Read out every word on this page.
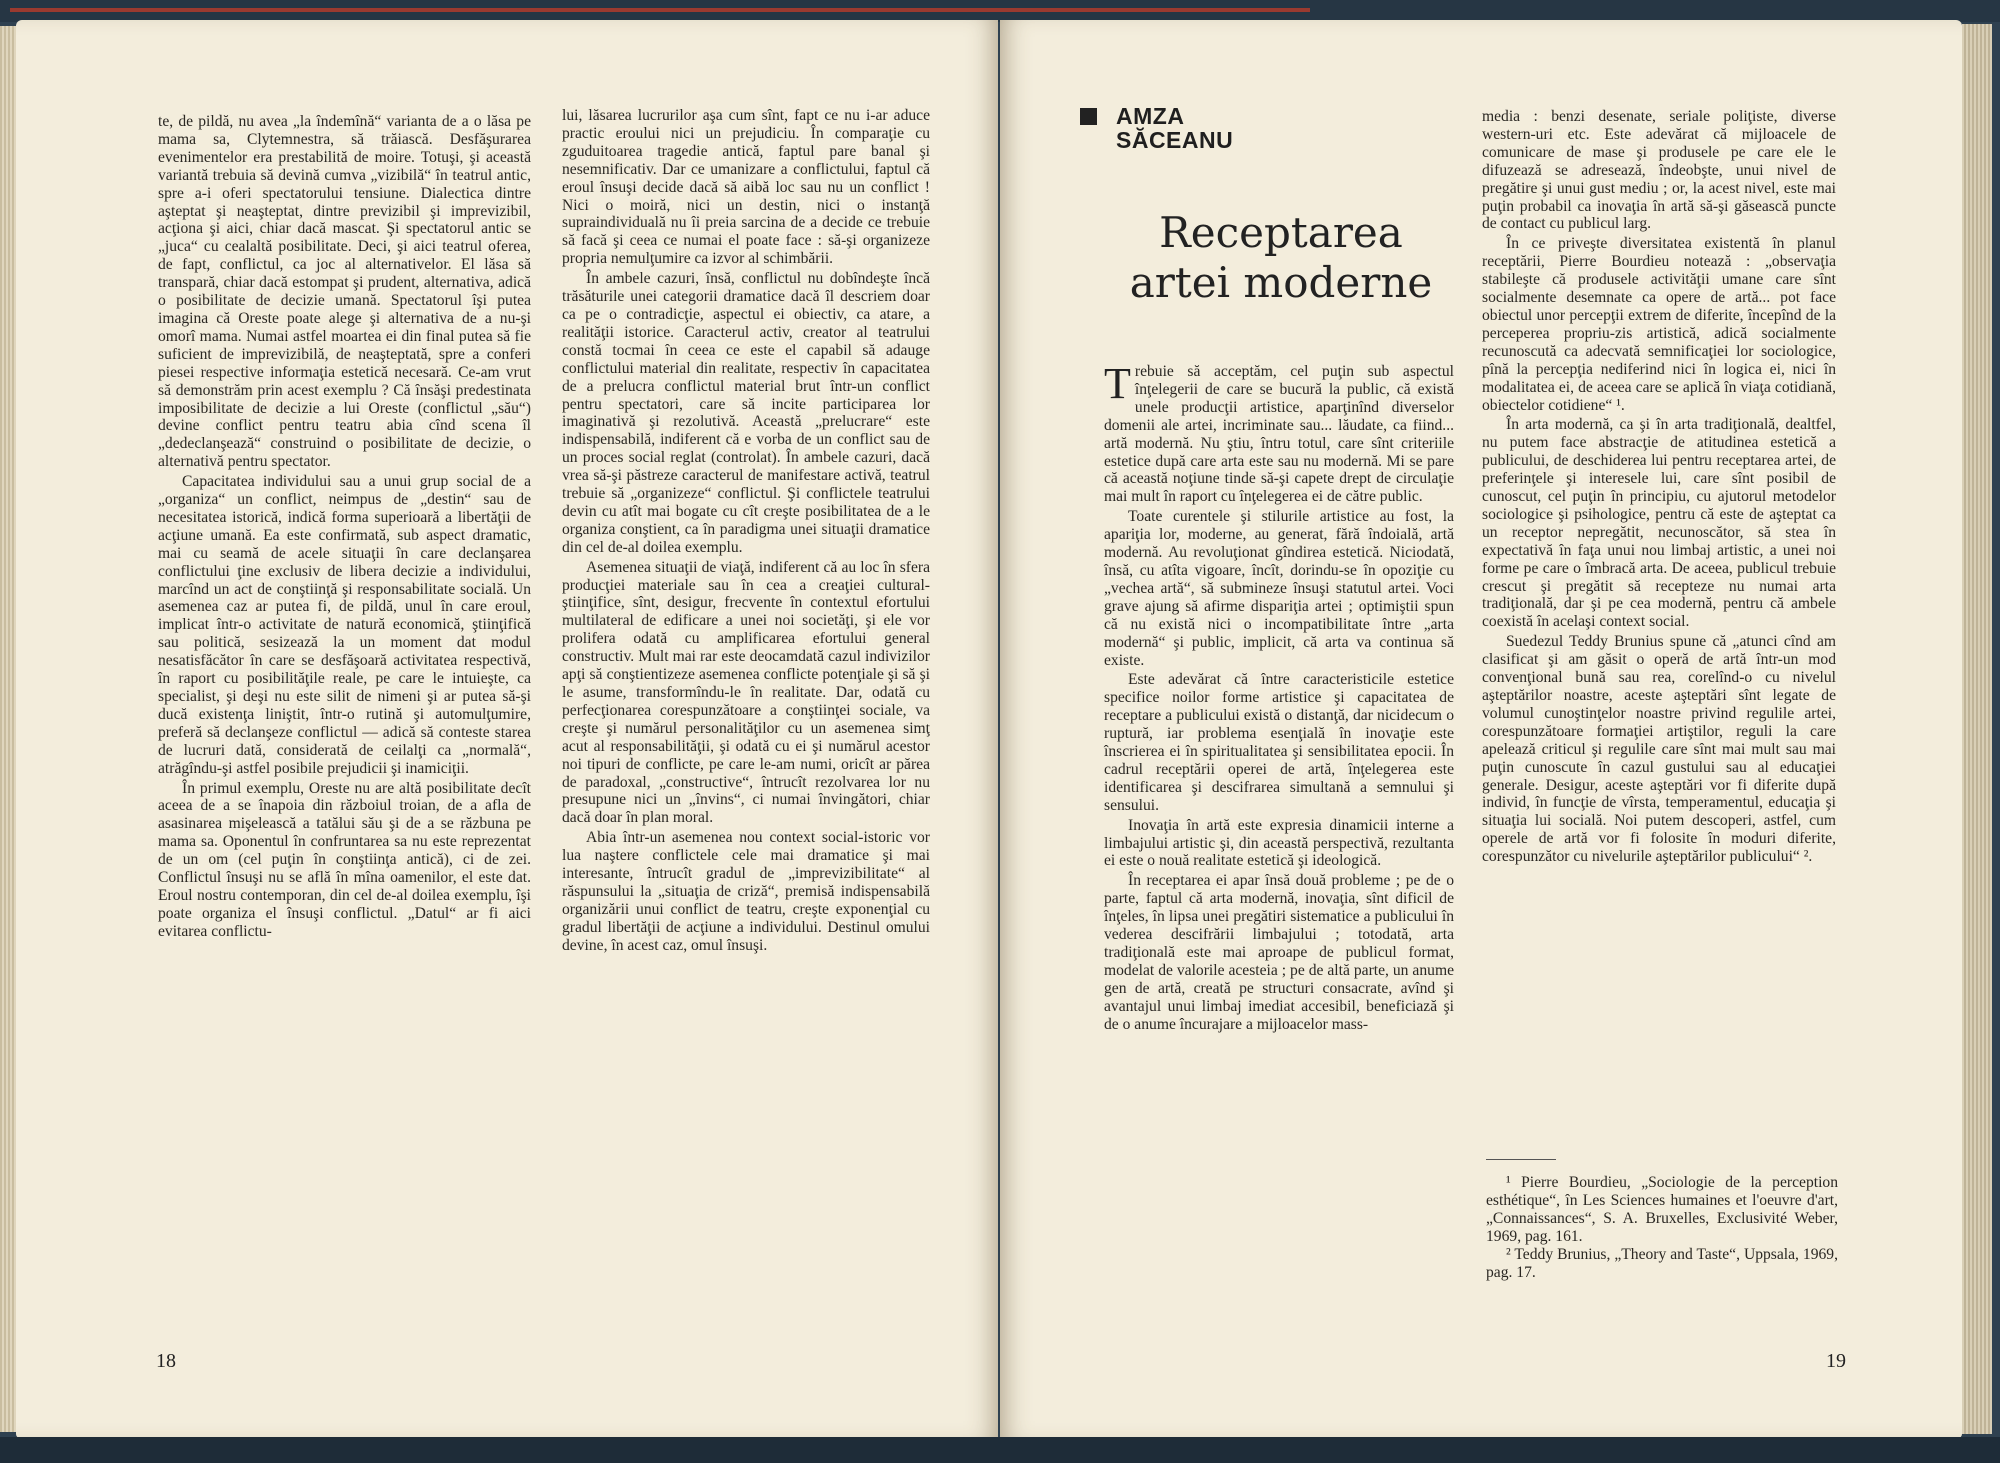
te, de pildă, nu avea „la îndemînă“ varianta de a o lăsa pe mama sa, Clytemnestra, să trăiască. Desfăşurarea evenimentelor era prestabilită de moire. Totuşi, şi această variantă trebuia să devină cumva „vizibilă“ în teatrul antic, spre a-i oferi spectatorului tensiune. Dialectica dintre aşteptat şi neaşteptat, dintre previzibil şi imprevizibil, acţiona şi aici, chiar dacă mascat. Şi spectatorul antic se „juca“ cu cealaltă posibilitate. Deci, şi aici teatrul oferea, de fapt, conflictul, ca joc al alternativelor. El lăsa să transpară, chiar dacă estompat şi prudent, alternativa, adică o posibilitate de decizie umană. Spectatorul îşi putea imagina că Oreste poate alege şi alternativa de a nu-şi omorî mama. Numai astfel moartea ei din final putea să fie suficient de imprevizibilă, de neaşteptată, spre a conferi piesei respective informaţia estetică necesară. Ce-am vrut să demonstrăm prin acest exemplu ? Că însăşi predestinata imposibilitate de decizie a lui Oreste (conflictul „său“) devine conflict pentru teatru abia cînd scena îl „dedeclanşează“ construind o posibilitate de decizie, o alternativă pentru spectator.

Capacitatea individului sau a unui grup social de a „organiza“ un conflict, neimpus de „destin“ sau de necesitatea istorică, indică forma superioară a libertăţii de acţiune umană. Ea este confirmată, sub aspect dramatic, mai cu seamă de acele situaţii în care declanşarea conflictului ţine exclusiv de libera decizie a individului, marcînd un act de conştiinţă şi responsabilitate socială. Un asemenea caz ar putea fi, de pildă, unul în care eroul, implicat într-o activitate de natură economică, ştiinţifică sau politică, sesizează la un moment dat modul nesatisfăcător în care se desfăşoară activitatea respectivă, în raport cu posibilităţile reale, pe care le intuieşte, ca specialist, şi deşi nu este silit de nimeni şi ar putea să-şi ducă existenţa liniştit, într-o rutină şi automulţumire, preferă să declanşeze conflictul — adică să conteste starea de lucruri dată, considerată de ceilalţi ca „normală“, atrăgîndu-şi astfel posibile prejudicii şi inamiciţii.

În primul exemplu, Oreste nu are altă posibilitate decît aceea de a se înapoia din războiul troian, de a afla de asasinarea mişelească a tatălui său şi de a se răzbuna pe mama sa. Oponentul în confruntarea sa nu este reprezentat de un om (cel puţin în conştiinţa antică), ci de zei. Conflictul însuşi nu se află în mîna oamenilor, el este dat. Eroul nostru contemporan, din cel de-al doilea exemplu, îşi poate organiza el însuşi conflictul. „Datul“ ar fi aici evitarea conflictu-

lui, lăsarea lucrurilor aşa cum sînt, fapt ce nu i-ar aduce practic eroului nici un prejudiciu. În comparaţie cu zguduitoarea tragedie antică, faptul pare banal şi nesemnificativ. Dar ce umanizare a conflictului, faptul că eroul însuşi decide dacă să aibă loc sau nu un conflict ! Nici o moiră, nici un destin, nici o instanţă supraindividuală nu îi preia sarcina de a decide ce trebuie să facă şi ceea ce numai el poate face : să-şi organizeze propria nemulţumire ca izvor al schimbării.

În ambele cazuri, însă, conflictul nu dobîndeşte încă trăsăturile unei categorii dramatice dacă îl descriem doar ca pe o contradicţie, aspectul ei obiectiv, ca atare, a realităţii istorice. Caracterul activ, creator al teatrului constă tocmai în ceea ce este el capabil să adauge conflictului material din realitate, respectiv în capacitatea de a prelucra conflictul material brut într-un conflict pentru spectatori, care să incite participarea lor imaginativă şi rezolutivă. Această „prelucrare“ este indispensabilă, indiferent că e vorba de un conflict sau de un proces social reglat (controlat). În ambele cazuri, dacă vrea să-şi păstreze caracterul de manifestare activă, teatrul trebuie să „organizeze“ conflictul. Şi conflictele teatrului devin cu atît mai bogate cu cît creşte posibilitatea de a le organiza conştient, ca în paradigma unei situaţii dramatice din cel de-al doilea exemplu.

Asemenea situaţii de viaţă, indiferent că au loc în sfera producţiei materiale sau în cea a creaţiei cultural-ştiinţifice, sînt, desigur, frecvente în contextul efortului multilateral de edificare a unei noi societăţi, şi ele vor prolifera odată cu amplificarea efortului general constructiv. Mult mai rar este deocamdată cazul indivizilor apţi să conştientizeze asemenea conflicte potenţiale şi să şi le asume, transformîndu-le în realitate. Dar, odată cu perfecţionarea corespunzătoare a conştiinţei sociale, va creşte şi numărul personalităţilor cu un asemenea simţ acut al responsabilităţii, şi odată cu ei şi numărul acestor noi tipuri de conflicte, pe care le-am numi, oricît ar părea de paradoxal, „constructive“, întrucît rezolvarea lor nu presupune nici un „învins“, ci numai învingători, chiar dacă doar în plan moral.

Abia într-un asemenea nou context social-istoric vor lua naştere conflictele cele mai dramatice şi mai interesante, întrucît gradul de „imprevizibilitate“ al răspunsului la „situaţia de criză“, premisă indispensabilă organizării unui conflict de teatru, creşte exponenţial cu gradul libertăţii de acţiune a individului. Destinul omului devine, în acest caz, omul însuşi.

18
AMZA
SĂCEANU
Receptarea
artei moderne

Trebuie să acceptăm, cel puţin sub aspectul înţelegerii de care se bucură la public, că există unele producţii artistice, aparţinînd diverselor domenii ale artei, incriminate sau... lăudate, ca fiind... artă modernă. Nu ştiu, întru totul, care sînt criteriile estetice după care arta este sau nu modernă. Mi se pare că această noţiune tinde să-şi capete drept de circulaţie mai mult în raport cu înţelegerea ei de către public.

Toate curentele şi stilurile artistice au fost, la apariţia lor, moderne, au generat, fără îndoială, artă modernă. Au revoluţionat gîndirea estetică. Niciodată, însă, cu atîta vigoare, încît, dorindu-se în opoziţie cu „vechea artă“, să submineze însuşi statutul artei. Voci grave ajung să afirme dispariţia artei ; optimiştii spun că nu există nici o incompatibilitate între „arta modernă“ şi public, implicit, că arta va continua să existe.

Este adevărat că între caracteristicile estetice specifice noilor forme artistice şi capacitatea de receptare a publicului există o distanţă, dar nicidecum o ruptură, iar problema esenţială în inovaţie este înscrierea ei în spiritualitatea şi sensibilitatea epocii. În cadrul receptării operei de artă, înţelegerea este identificarea şi descifrarea simultană a semnului şi sensului.

Inovaţia în artă este expresia dinamicii interne a limbajului artistic şi, din această perspectivă, rezultanta ei este o nouă realitate estetică şi ideologică.

În receptarea ei apar însă două probleme ; pe de o parte, faptul că arta modernă, inovaţia, sînt dificil de înţeles, în lipsa unei pregătiri sistematice a publicului în vederea descifrării limbajului ; totodată, arta tradiţională este mai aproape de publicul format, modelat de valorile acesteia ; pe de altă parte, un anume gen de artă, creată pe structuri consacrate, avînd şi avantajul unui limbaj imediat accesibil, beneficiază şi de o anume încurajare a mijloacelor mass-

media : benzi desenate, seriale poliţiste, diverse western-uri etc. Este adevărat că mijloacele de comunicare de mase şi produsele pe care ele le difuzează se adresează, îndeobşte, unui nivel de pregătire şi unui gust mediu ; or, la acest nivel, este mai puţin probabil ca inovaţia în artă să-şi găsească puncte de contact cu publicul larg.

În ce priveşte diversitatea existentă în planul receptării, Pierre Bourdieu notează : „observaţia stabileşte că produsele activităţii umane care sînt socialmente desemnate ca opere de artă... pot face obiectul unor percepţii extrem de diferite, începînd de la perceperea propriu-zis artistică, adică socialmente recunoscută ca adecvată semnificaţiei lor sociologice, pînă la percepţia nediferind nici în logica ei, nici în modalitatea ei, de aceea care se aplică în viaţa cotidiană, obiectelor cotidiene“ ¹.

În arta modernă, ca şi în arta tradiţională, dealtfel, nu putem face abstracţie de atitudinea estetică a publicului, de deschiderea lui pentru receptarea artei, de preferinţele şi interesele lui, care sînt posibil de cunoscut, cel puţin în principiu, cu ajutorul metodelor sociologice şi psihologice, pentru că este de aşteptat ca un receptor nepregătit, necunoscător, să stea în expectativă în faţa unui nou limbaj artistic, a unei noi forme pe care o îmbracă arta. De aceea, publicul trebuie crescut şi pregătit să recepteze nu numai arta tradiţională, dar şi pe cea modernă, pentru că ambele coexistă în acelaşi context social.

Suedezul Teddy Brunius spune că „atunci cînd am clasificat şi am găsit o operă de artă într-un mod convenţional bună sau rea, corelînd-o cu nivelul aşteptărilor noastre, aceste aşteptări sînt legate de volumul cunoştinţelor noastre privind regulile artei, corespunzătoare formaţiei artiştilor, reguli la care apelează criticul şi regulile care sînt mai mult sau mai puţin cunoscute în cazul gustului sau al educaţiei generale. Desigur, aceste aşteptări vor fi diferite după individ, în funcţie de vîrsta, temperamentul, educaţia şi situaţia lui socială. Noi putem descoperi, astfel, cum operele de artă vor fi folosite în moduri diferite, corespunzător cu nivelurile aşteptărilor publicului“ ².

¹ Pierre Bourdieu, „Sociologie de la perception esthétique“, în Les Sciences humaines et l'oeuvre d'art, „Connaissances“, S. A. Bruxelles, Exclusivité Weber, 1969, pag. 161.

² Teddy Brunius, „Theory and Taste“, Uppsala, 1969, pag. 17.

19
